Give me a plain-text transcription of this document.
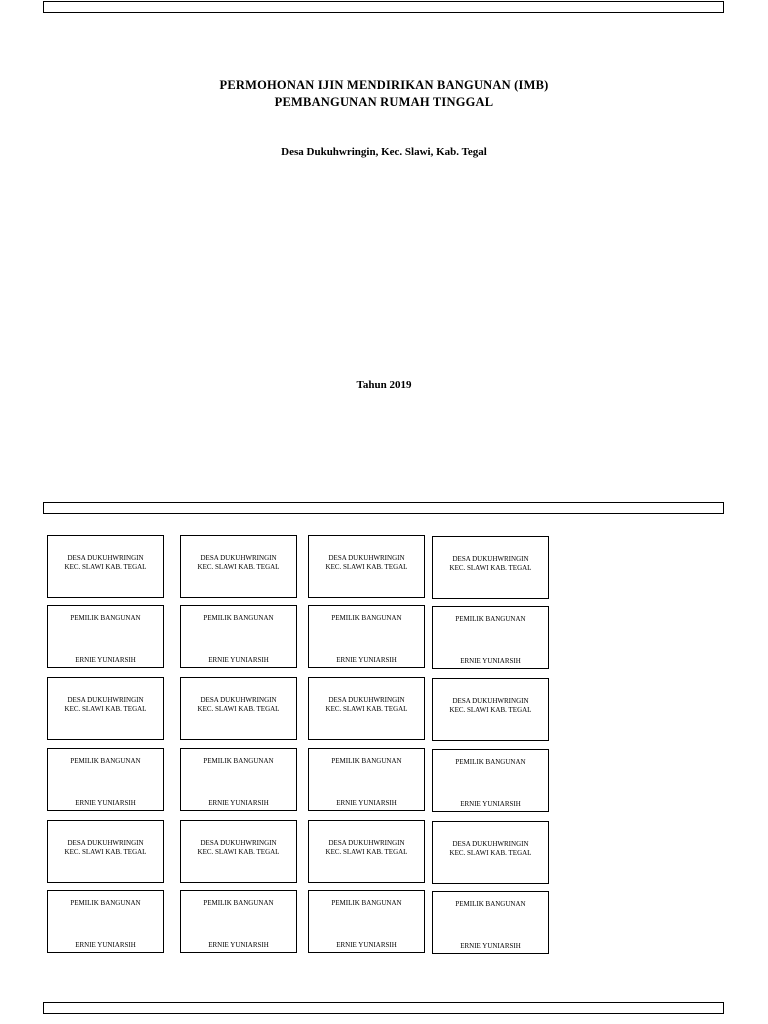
PERMOHONAN IJIN MENDIRIKAN BANGUNAN (IMB)
PEMBANGUNAN RUMAH TINGGAL
Desa Dukuhwringin, Kec. Slawi, Kab. Tegal
Tahun 2019
DESA DUKUHWRINGIN
KEC. SLAWI KAB. TEGAL
DESA DUKUHWRINGIN
KEC. SLAWI KAB. TEGAL
DESA DUKUHWRINGIN
KEC. SLAWI KAB. TEGAL
DESA DUKUHWRINGIN
KEC. SLAWI KAB. TEGAL
PEMILIK BANGUNAN
ERNIE YUNIARSIH
PEMILIK BANGUNAN
ERNIE YUNIARSIH
PEMILIK BANGUNAN
ERNIE YUNIARSIH
PEMILIK BANGUNAN
ERNIE YUNIARSIH
DESA DUKUHWRINGIN
KEC. SLAWI KAB. TEGAL
DESA DUKUHWRINGIN
KEC. SLAWI KAB. TEGAL
DESA DUKUHWRINGIN
KEC. SLAWI KAB. TEGAL
DESA DUKUHWRINGIN
KEC. SLAWI KAB. TEGAL
PEMILIK BANGUNAN
ERNIE YUNIARSIH
PEMILIK BANGUNAN
ERNIE YUNIARSIH
PEMILIK BANGUNAN
ERNIE YUNIARSIH
PEMILIK BANGUNAN
ERNIE YUNIARSIH
DESA DUKUHWRINGIN
KEC. SLAWI KAB. TEGAL
DESA DUKUHWRINGIN
KEC. SLAWI KAB. TEGAL
DESA DUKUHWRINGIN
KEC. SLAWI KAB. TEGAL
DESA DUKUHWRINGIN
KEC. SLAWI KAB. TEGAL
PEMILIK BANGUNAN
ERNIE YUNIARSIH
PEMILIK BANGUNAN
ERNIE YUNIARSIH
PEMILIK BANGUNAN
ERNIE YUNIARSIH
PEMILIK BANGUNAN
ERNIE YUNIARSIH
